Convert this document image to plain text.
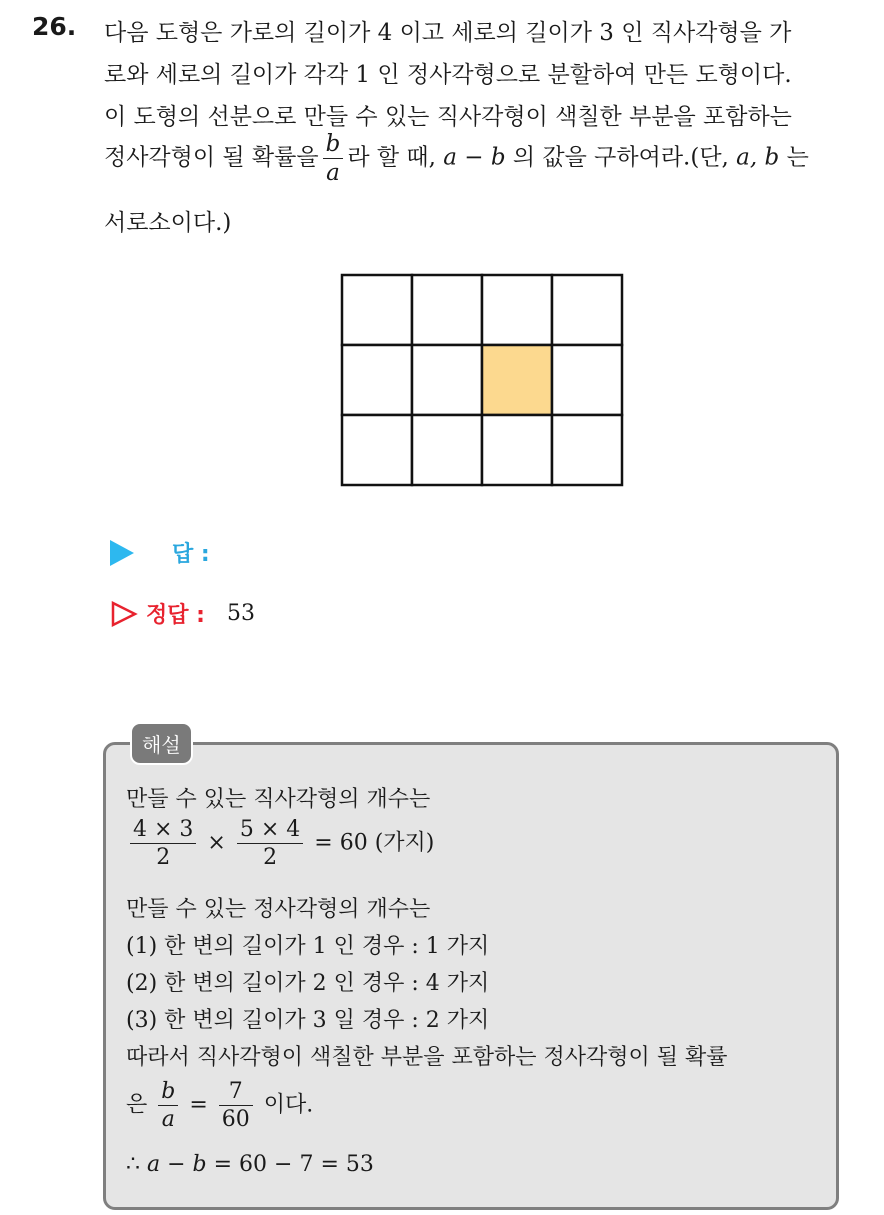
26. 다음 도형은 가로의 길이가 4 이고 세로의 길이가 3 인 직사각형을 가
로와 세로의 길이가 각각 1 인 정사각형으로 분할하여 만든 도형이다.
이 도형의 선분으로 만들 수 있는 직사각형이 색칠한 부분을 포함하는
정사각형이 될 확률을 $\frac{b}{a}$ 라 할 때, a − b 의 값을 구하여라.(단, a, b 는
서로소이다.)
답 :
정답 : 53
해설
만들 수 있는 직사각형의 개수는
$\frac{4 \times 3}{2} \times \frac{5 \times 4}{2} = 60$ (가지)
만들 수 있는 정사각형의 개수는
(1) 한 변의 길이가 1 인 경우 : 1 가지
(2) 한 변의 길이가 2 인 경우 : 4 가지
(3) 한 변의 길이가 3 일 경우 : 2 가지
따라서 직사각형이 색칠한 부분을 포함하는 정사각형이 될 확률
은 $\frac{b}{a} = \frac{7}{60}$ 이다.
∴ a − b = 60 − 7 = 53
